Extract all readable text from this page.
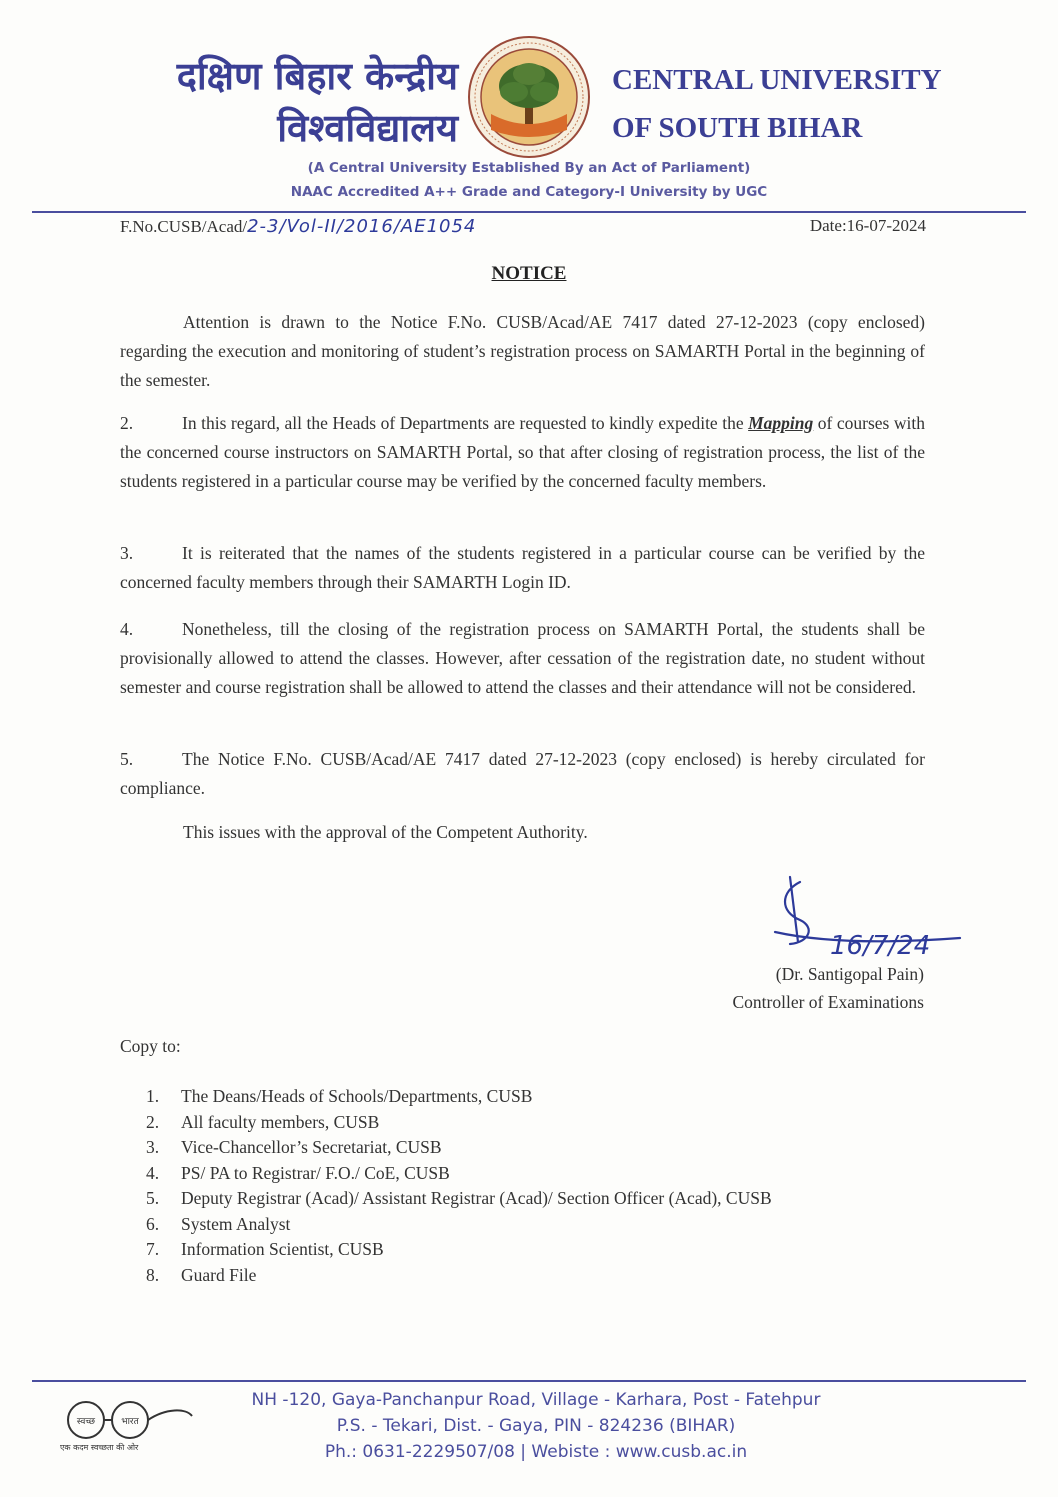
दक्षिण बिहार केन्द्रीय
विश्वविद्यालय
CENTRAL UNIVERSITY
OF SOUTH BIHAR
(A Central University Established By an Act of Parliament)
NAAC Accredited A++ Grade and Category-I University by UGC
F.No.CUSB/Acad/2-3/Vol-II/2016/AE1054	Date:16-07-2024
NOTICE
Attention is drawn to the Notice F.No. CUSB/Acad/AE 7417 dated 27-12-2023 (copy enclosed) regarding the execution and monitoring of student’s registration process on SAMARTH Portal in the beginning of the semester.
2.	In this regard, all the Heads of Departments are requested to kindly expedite the Mapping of courses with the concerned course instructors on SAMARTH Portal, so that after closing of registration process, the list of the students registered in a particular course may be verified by the concerned faculty members.
3.	It is reiterated that the names of the students registered in a particular course can be verified by the concerned faculty members through their SAMARTH Login ID.
4.	Nonetheless, till the closing of the registration process on SAMARTH Portal, the students shall be provisionally allowed to attend the classes. However, after cessation of the registration date, no student without semester and course registration shall be allowed to attend the classes and their attendance will not be considered.
5.	The Notice F.No. CUSB/Acad/AE 7417 dated 27-12-2023 (copy enclosed) is hereby circulated for compliance.
This issues with the approval of the Competent Authority.
16/7/24
(Dr. Santigopal Pain)
Controller of Examinations
Copy to:
1.	The Deans/Heads of Schools/Departments, CUSB
2.	All faculty members, CUSB
3.	Vice-Chancellor’s Secretariat, CUSB
4.	PS/ PA to Registrar/ F.O./ CoE, CUSB
5.	Deputy Registrar (Acad)/ Assistant Registrar (Acad)/ Section Officer (Acad), CUSB
6.	System Analyst
7.	Information Scientist, CUSB
8.	Guard File
स्वच्छ	भारत
एक कदम स्वच्छता की ओर
NH -120, Gaya-Panchanpur Road, Village - Karhara, Post - Fatehpur
P.S. - Tekari, Dist. - Gaya, PIN - 824236 (BIHAR)
Ph.: 0631-2229507/08 | Webiste : www.cusb.ac.in
